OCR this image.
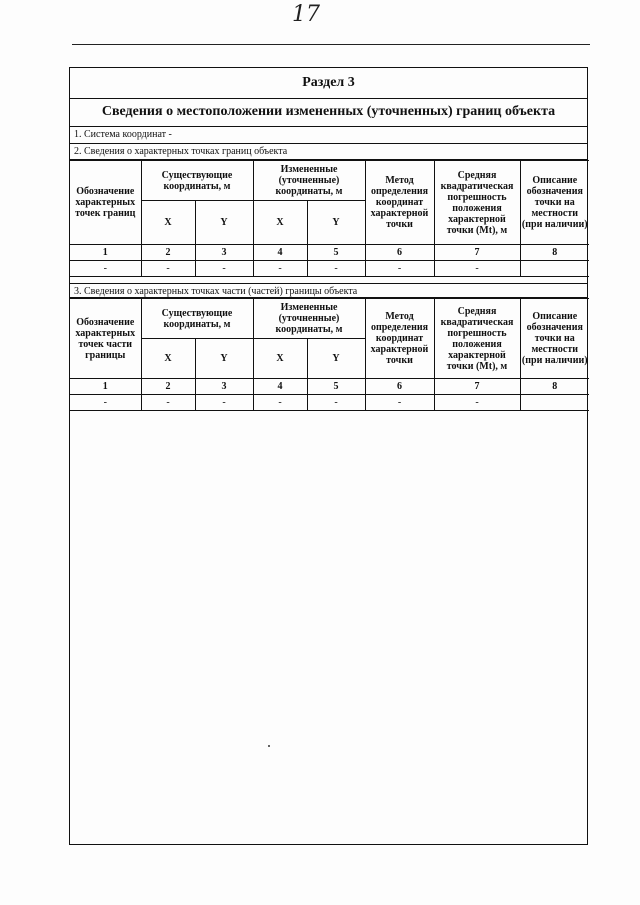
17
Раздел 3
Сведения о местоположении измененных (уточненных) границ объекта
1. Система координат -
2. Сведения о характерных точках границ объекта
Обозначение характерных точек границ	Существующие координаты, м		Измененные (уточненные) координаты, м		Метод определения координат характерной точки	Средняя квадратическая погрешность положения характерной точки (Mt), м	Описание обозначения точки на местности (при наличии)
	X	Y	X	Y			
1	2	3	4	5	6	7	8
-	-	-	-	-	-	-	
3. Сведения о характерных точках части (частей) границы объекта
Обозначение характерных точек части границы	Существующие координаты, м		Измененные (уточненные) координаты, м		Метод определения координат характерной точки	Средняя квадратическая погрешность положения характерной точки (Mt), м	Описание обозначения точки на местности (при наличии)
	X	Y	X	Y			
1	2	3	4	5	6	7	8
-	-	-	-	-	-	-	
